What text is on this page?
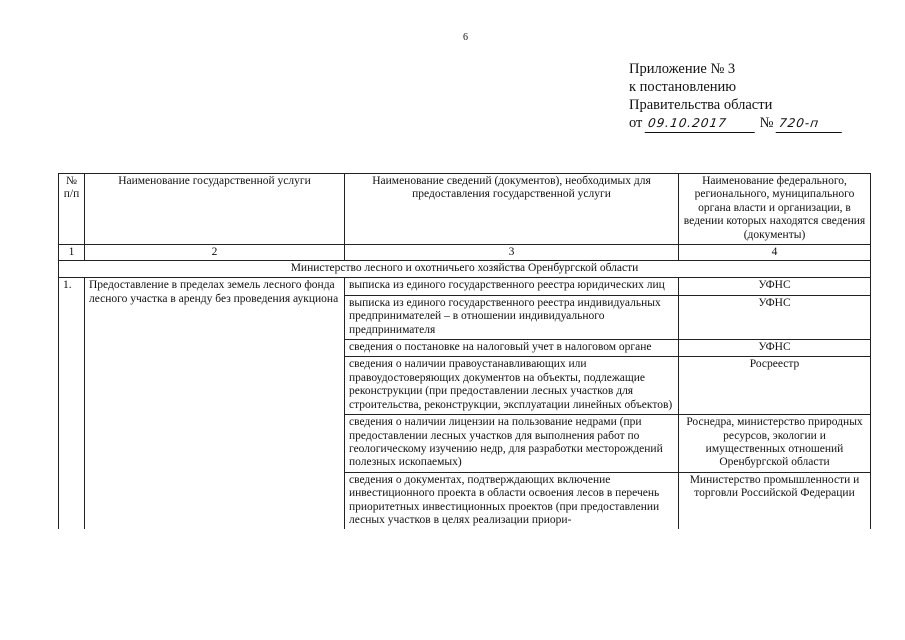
6
Приложение № 3
к постановлению
Правительства области
от 09.10.2017 № 720-п
№ п/п	Наименование государственной услуги	Наименование сведений (документов), необходимых для предоставления государственной услуги	Наименование федерального, регионального, муниципального органа власти и организации, в ведении которых находятся сведения (документы)
1	2	3	4
Министерство лесного и охотничьего хозяйства Оренбургской области			
1.	Предоставление в пределах земель лесного фонда лесного участка в аренду без проведения аукциона	выписка из единого государственного реестра юридических лиц	УФНС
		выписка из единого государственного реестра индивидуальных предпринимателей – в отношении индивидуального предпринимателя	УФНС
		сведения о постановке на налоговый учет в налоговом органе	УФНС
		сведения о наличии правоустанавливающих или правоудостоверяющих документов на объекты, подлежащие реконструкции (при предоставлении лесных участков для строительства, реконструкции, эксплуатации линейных объектов)	Росреестр
		сведения о наличии лицензии на пользование недрами (при предоставлении лесных участков для выполнения работ по геологическому изучению недр, для разработки месторождений полезных ископаемых)	Роснедра, министерство природных ресурсов, экологии и имущественных отношений Оренбургской области
		сведения о документах, подтверждающих включение инвестиционного проекта в области освоения лесов в перечень приоритетных инвестиционных проектов (при предоставлении лесных участков в целях реализации приори-	Министерство промышленности и торговли Российской Федерации
